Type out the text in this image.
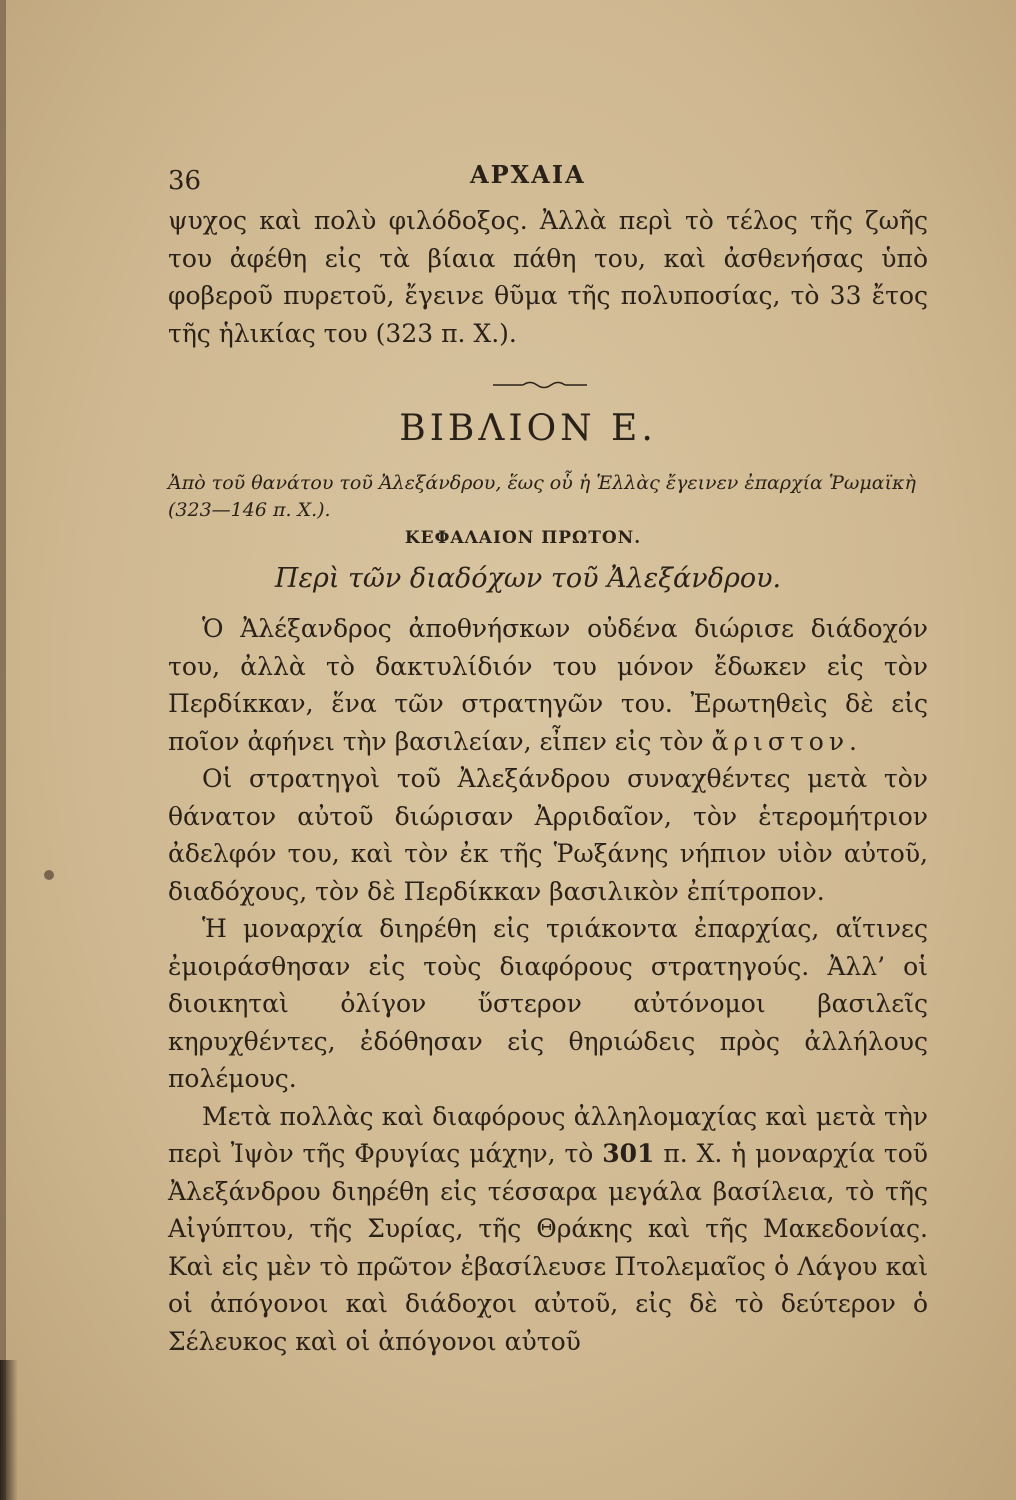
36	ΑΡΧΑΙΑ

ψυχος καὶ πολὺ φιλόδοξος. Ἀλλὰ περὶ τὸ τέλος τῆς ζωῆς του ἀφέθη εἰς τὰ βίαια πάθη του, καὶ ἀσθενήσας ὑπὸ φοβεροῦ πυρετοῦ, ἔγεινε θῦμα τῆς πολυποσίας, τὸ 33 ἔτος τῆς ἡλικίας του (323 π. Χ.).

ΒΙΒΛΙΟΝ Ε.
Ἀπὸ τοῦ θανάτου τοῦ Ἀλεξάνδρου, ἕως οὗ ἡ Ἑλλὰς ἔγεινεν ἐπαρχία Ῥωμαϊκὴ (323—146 π. Χ.).
ΚΕΦΑΛΑΙΟΝ ΠΡΩΤΟΝ.
Περὶ τῶν διαδόχων τοῦ Ἀλεξάνδρου.

Ὁ Ἀλέξανδρος ἀποθνήσκων οὐδένα διώρισε διάδοχόν του, ἀλλὰ τὸ δακτυλίδιόν του μόνον ἔδωκεν εἰς τὸν Περδίκκαν, ἕνα τῶν στρατηγῶν του. Ἐρωτηθεὶς δὲ εἰς ποῖον ἀφήνει τὴν βασιλείαν, εἶπεν εἰς τὸν ἄριστον.

Οἱ στρατηγοὶ τοῦ Ἀλεξάνδρου συναχθέντες μετὰ τὸν θάνατον αὐτοῦ διώρισαν Ἀρριδαῖον, τὸν ἑτερομήτριον ἀδελφόν του, καὶ τὸν ἐκ τῆς Ῥωξάνης νήπιον υἱὸν αὐτοῦ, διαδόχους, τὸν δὲ Περδίκκαν βασιλικὸν ἐπίτροπον.

Ἡ μοναρχία διηρέθη εἰς τριάκοντα ἐπαρχίας, αἵτινες ἐμοιράσθησαν εἰς τοὺς διαφόρους στρατηγούς. Ἀλλ’ οἱ διοικηταὶ ὀλίγον ὕστερον αὐτόνομοι βασιλεῖς κηρυχθέντες, ἐδόθησαν εἰς θηριώδεις πρὸς ἀλλήλους πολέμους.

Μετὰ πολλὰς καὶ διαφόρους ἀλληλομαχίας καὶ μετὰ τὴν περὶ Ἰψὸν τῆς Φρυγίας μάχην, τὸ 301 π. Χ. ἡ μοναρχία τοῦ Ἀλεξάνδρου διηρέθη εἰς τέσσαρα μεγάλα βασίλεια, τὸ τῆς Αἰγύπτου, τῆς Συρίας, τῆς Θράκης καὶ τῆς Μακεδονίας. Καὶ εἰς μὲν τὸ πρῶτον ἐβασίλευσε Πτολεμαῖος ὁ Λάγου καὶ οἱ ἀπόγονοι καὶ διάδοχοι αὐτοῦ, εἰς δὲ τὸ δεύτερον ὁ Σέλευκος καὶ οἱ ἀπόγονοι αὐτοῦ
